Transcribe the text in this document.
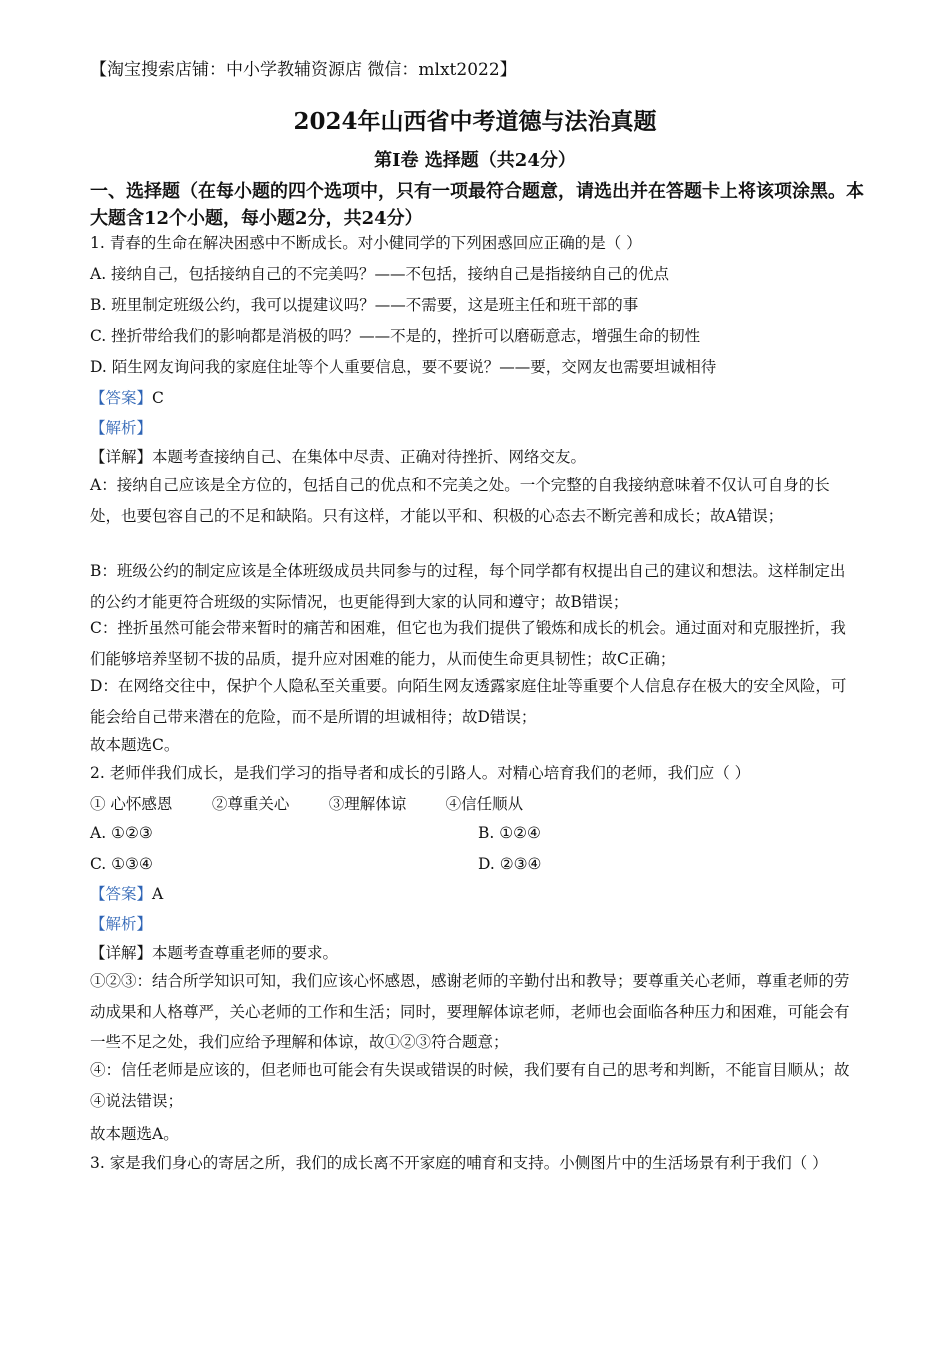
【淘宝搜索店铺：中小学教辅资源店 微信：mlxt2022】
2024年山西省中考道德与法治真题
第Ⅰ卷 选择题（共24分）
一、选择题（在每小题的四个选项中，只有一项最符合题意，请选出并在答题卡上将该项涂黑。本大题含12个小题，每小题2分，共24分）
1. 青春的生命在解决困惑中不断成长。对小健同学的下列困惑回应正确的是（ ）
A. 接纳自己，包括接纳自己的不完美吗？——不包括，接纳自己是指接纳自己的优点
B. 班里制定班级公约，我可以提建议吗？——不需要，这是班主任和班干部的事
C. 挫折带给我们的影响都是消极的吗？——不是的，挫折可以磨砺意志，增强生命的韧性
D. 陌生网友询问我的家庭住址等个人重要信息，要不要说？——要，交网友也需要坦诚相待
【答案】C
【解析】
【详解】本题考查接纳自己、在集体中尽责、正确对待挫折、网络交友。
A：接纳自己应该是全方位的，包括自己的优点和不完美之处。一个完整的自我接纳意味着不仅认可自身的长处，也要包容自己的不足和缺陷。只有这样，才能以平和、积极的心态去不断完善和成长；故A错误；
B：班级公约的制定应该是全体班级成员共同参与的过程，每个同学都有权提出自己的建议和想法。这样制定出的公约才能更符合班级的实际情况，也更能得到大家的认同和遵守；故B错误；
C：挫折虽然可能会带来暂时的痛苦和困难，但它也为我们提供了锻炼和成长的机会。通过面对和克服挫折，我们能够培养坚韧不拔的品质，提升应对困难的能力，从而使生命更具韧性；故C正确；
D：在网络交往中，保护个人隐私至关重要。向陌生网友透露家庭住址等重要个人信息存在极大的安全风险，可能会给自己带来潜在的危险，而不是所谓的坦诚相待；故D错误；
故本题选C。
2. 老师伴我们成长，是我们学习的指导者和成长的引路人。对精心培育我们的老师，我们应（ ）
① 心怀感恩        ②尊重关心        ③理解体谅        ④信任顺从
A. ①②③	B. ①②④
C. ①③④	D. ②③④
【答案】A
【解析】
【详解】本题考查尊重老师的要求。
①②③：结合所学知识可知，我们应该心怀感恩，感谢老师的辛勤付出和教导；要尊重关心老师，尊重老师的劳动成果和人格尊严，关心老师的工作和生活；同时，要理解体谅老师，老师也会面临各种压力和困难，可能会有一些不足之处，我们应给予理解和体谅，故①②③符合题意；
④：信任老师是应该的，但老师也可能会有失误或错误的时候，我们要有自己的思考和判断，不能盲目顺从；故④说法错误；
故本题选A。
3. 家是我们身心的寄居之所，我们的成长离不开家庭的哺育和支持。小侧图片中的生活场景有利于我们（ ）
